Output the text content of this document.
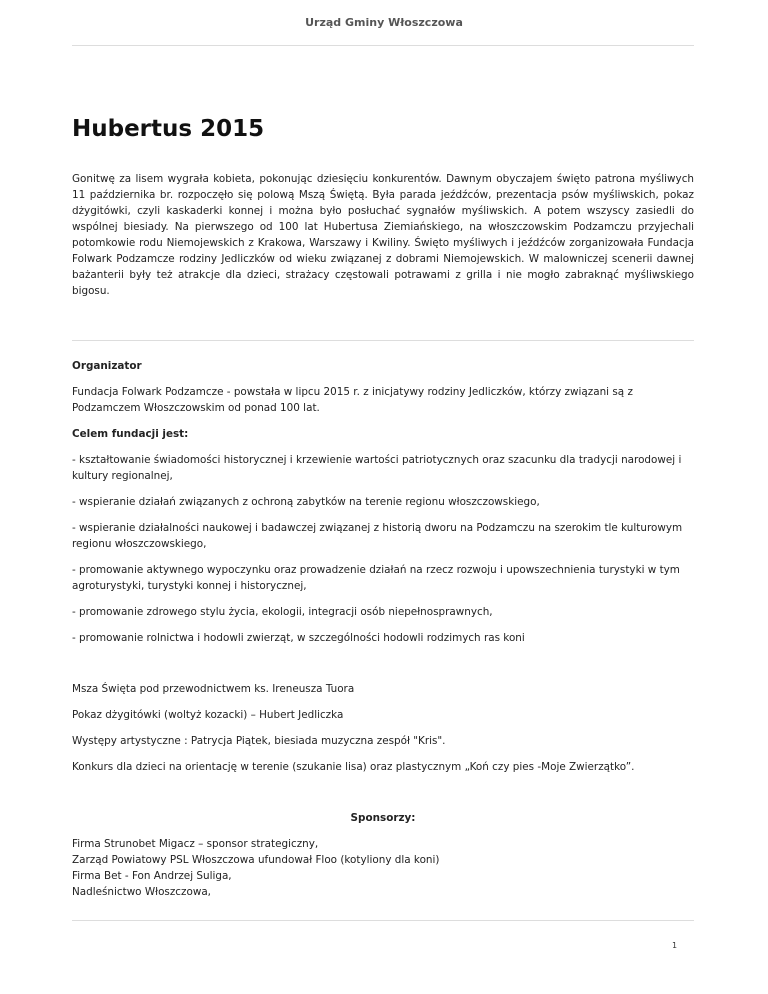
Urząd Gminy Włoszczowa
Hubertus 2015

Gonitwę za lisem wygrała kobieta, pokonując dziesięciu konkurentów. Dawnym obyczajem święto patrona myśliwych 11 października br. rozpoczęło się polową Mszą Świętą. Była parada jeźdźców, prezentacja psów myśliwskich, pokaz dżygitówki, czyli kaskaderki konnej i można było posłuchać sygnałów myśliwskich. A potem wszyscy zasiedli do wspólnej biesiady. Na pierwszego od 100 lat Hubertusa Ziemiańskiego, na włoszczowskim Podzamczu przyjechali potomkowie rodu Niemojewskich z Krakowa, Warszawy i Kwiliny. Święto myśliwych i jeźdźców zorganizowała Fundacja Folwark Podzamcze rodziny Jedliczków od wieku związanej z dobrami Niemojewskich. W malowniczej scenerii dawnej bażanterii były też atrakcje dla dzieci, strażacy częstowali potrawami z grilla i nie mogło zabraknąć myśliwskiego bigosu.

Organizator

Fundacja Folwark Podzamcze - powstała w lipcu 2015 r. z inicjatywy rodziny Jedliczków, którzy związani są z Podzamczem Włoszczowskim od ponad 100 lat.

Celem fundacji jest:

- kształtowanie świadomości historycznej i krzewienie wartości patriotycznych oraz szacunku dla tradycji narodowej i kultury regionalnej,

- wspieranie działań związanych z ochroną zabytków na terenie regionu włoszczowskiego,

- wspieranie działalności naukowej i badawczej związanej z historią dworu na Podzamczu na szerokim tle kulturowym regionu włoszczowskiego,

- promowanie aktywnego wypoczynku oraz prowadzenie działań na rzecz rozwoju i upowszechnienia turystyki w tym agroturystyki, turystyki konnej i historycznej,

- promowanie zdrowego stylu życia, ekologii, integracji osób niepełnosprawnych,

- promowanie rolnictwa i hodowli zwierząt, w szczególności hodowli rodzimych ras koni

Msza Święta pod przewodnictwem ks. Ireneusza Tuora

Pokaz dżygitówki (woltyż kozacki) – Hubert Jedliczka

Występy artystyczne : Patrycja Piątek, biesiada muzyczna zespół "Kris".

Konkurs dla dzieci na orientację w terenie (szukanie lisa) oraz plastycznym „Koń czy pies -Moje Zwierzątko”.

Sponsorzy:

Firma Strunobet Migacz – sponsor strategiczny,

Zarząd Powiatowy PSL Włoszczowa ufundował Floo (kotyliony dla koni)

Firma Bet - Fon Andrzej Suliga,

Nadleśnictwo Włoszczowa,

1
